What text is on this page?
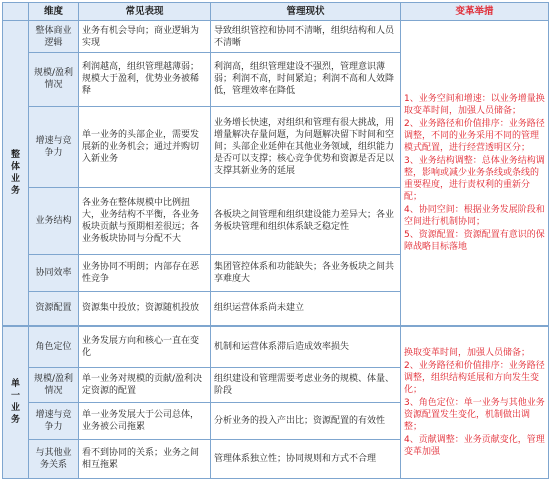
	维度	常见表现	管理现状	变革举措
整体业务	整体商业逻辑	业务有机会导向；商业逻辑为实现	导致组织管控和协同不清晰，组织结构和人员不清晰	1、业务空间和增速：以业务增量换取变革时间，加强人员储备；
2、业务路径和价值排序：业务路径调整，不同的业务采用不同的管理模式配置，进行经营透明区分；
3、业务结构调整：总体业务结构调整，影响或减少业务条线或条线的重要程度，进行责权利的重新分配；
4、协同空间：根据业务发展阶段和空间进行机制协同；
5、资源配置：资源配置有意识的保障战略目标落地

	规模/盈利情况	利润越高，组织管理越薄弱；规模大于盈利，优势业务被稀释	利润高，组织管理建设不强烈，管理意识薄弱；利润不高，时间紧迫；利润不高和人效降低，管理效率在降低	
	增速与竞争力	单一业务的头部企业，需要发展新的业务机会；通过并购切入新业务	业务增长快速，对组织和管理有很大挑战，用增量解决存量问题，为问题解决留下时间和空间；头部企业延伸在其他业务领域，组织能力是否可以支撑；核心竞争优势和资源是否足以支撑其新业务的延展	
	业务结构	各业务在整体规模中比例扭大，业务结构不平衡，各业务板块贡献与预期相差很远；各业务板块协同与分配不大	各板块之间管理和组织建设能力差异大；各业务板块管理和组织体系缺乏稳定性	
	协同效率	业务协同不明朗；内部存在恶性竞争	集团管控体系和功能缺失；各业务板块之间共享难度大	
	资源配置	资源集中投放；资源随机投放	组织运营体系尚未建立	
单一业务	角色定位	业务发展方向和核心一直在变化	机制和运营体系滞后造成效率损失	换取变革时间，加强人员储备；
2、业务路径和价值排序：业务路径调整，组织结构延展和方向发生变化；
3、角色定位：单一业务与其他业务资源配置发生变化，机制做出调整；
4、贡献调整：业务贡献变化，管理变革加强

	规模/盈利情况	单一业务对规模的贡献/盈利决定资源的配置	组织建设和管理需要考虑业务的规模、体量、阶段	
	增速与竞争力	单一业务发展大于公司总体，业务被公司拖累	分析业务的投入产出比；资源配置的有效性	
	与其他业务关系	看不到协同的关系；业务之间相互拖累	管理体系独立性；协同规则和方式不合理	
